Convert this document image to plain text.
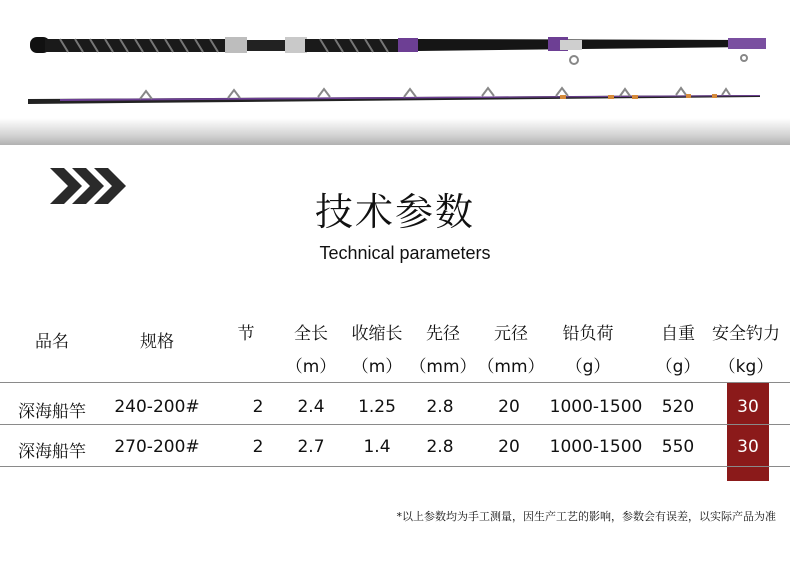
技术参数
Technical parameters
品名	规格	节 全长 收缩长 先径 元径 铅负荷	自重 安全钓力
（m） （m） （mm） （mm） （g）	（g） （kg）
深海船竿 240-200#	2 2.4 1.25 2.8	20 1000-1500 520	30
深海船竿 270-200#	2 2.7 1.4 2.8	20 1000-1500 550	30
*以上参数均为手工测量，因生产工艺的影响，参数会有误差，以实际产品为准
